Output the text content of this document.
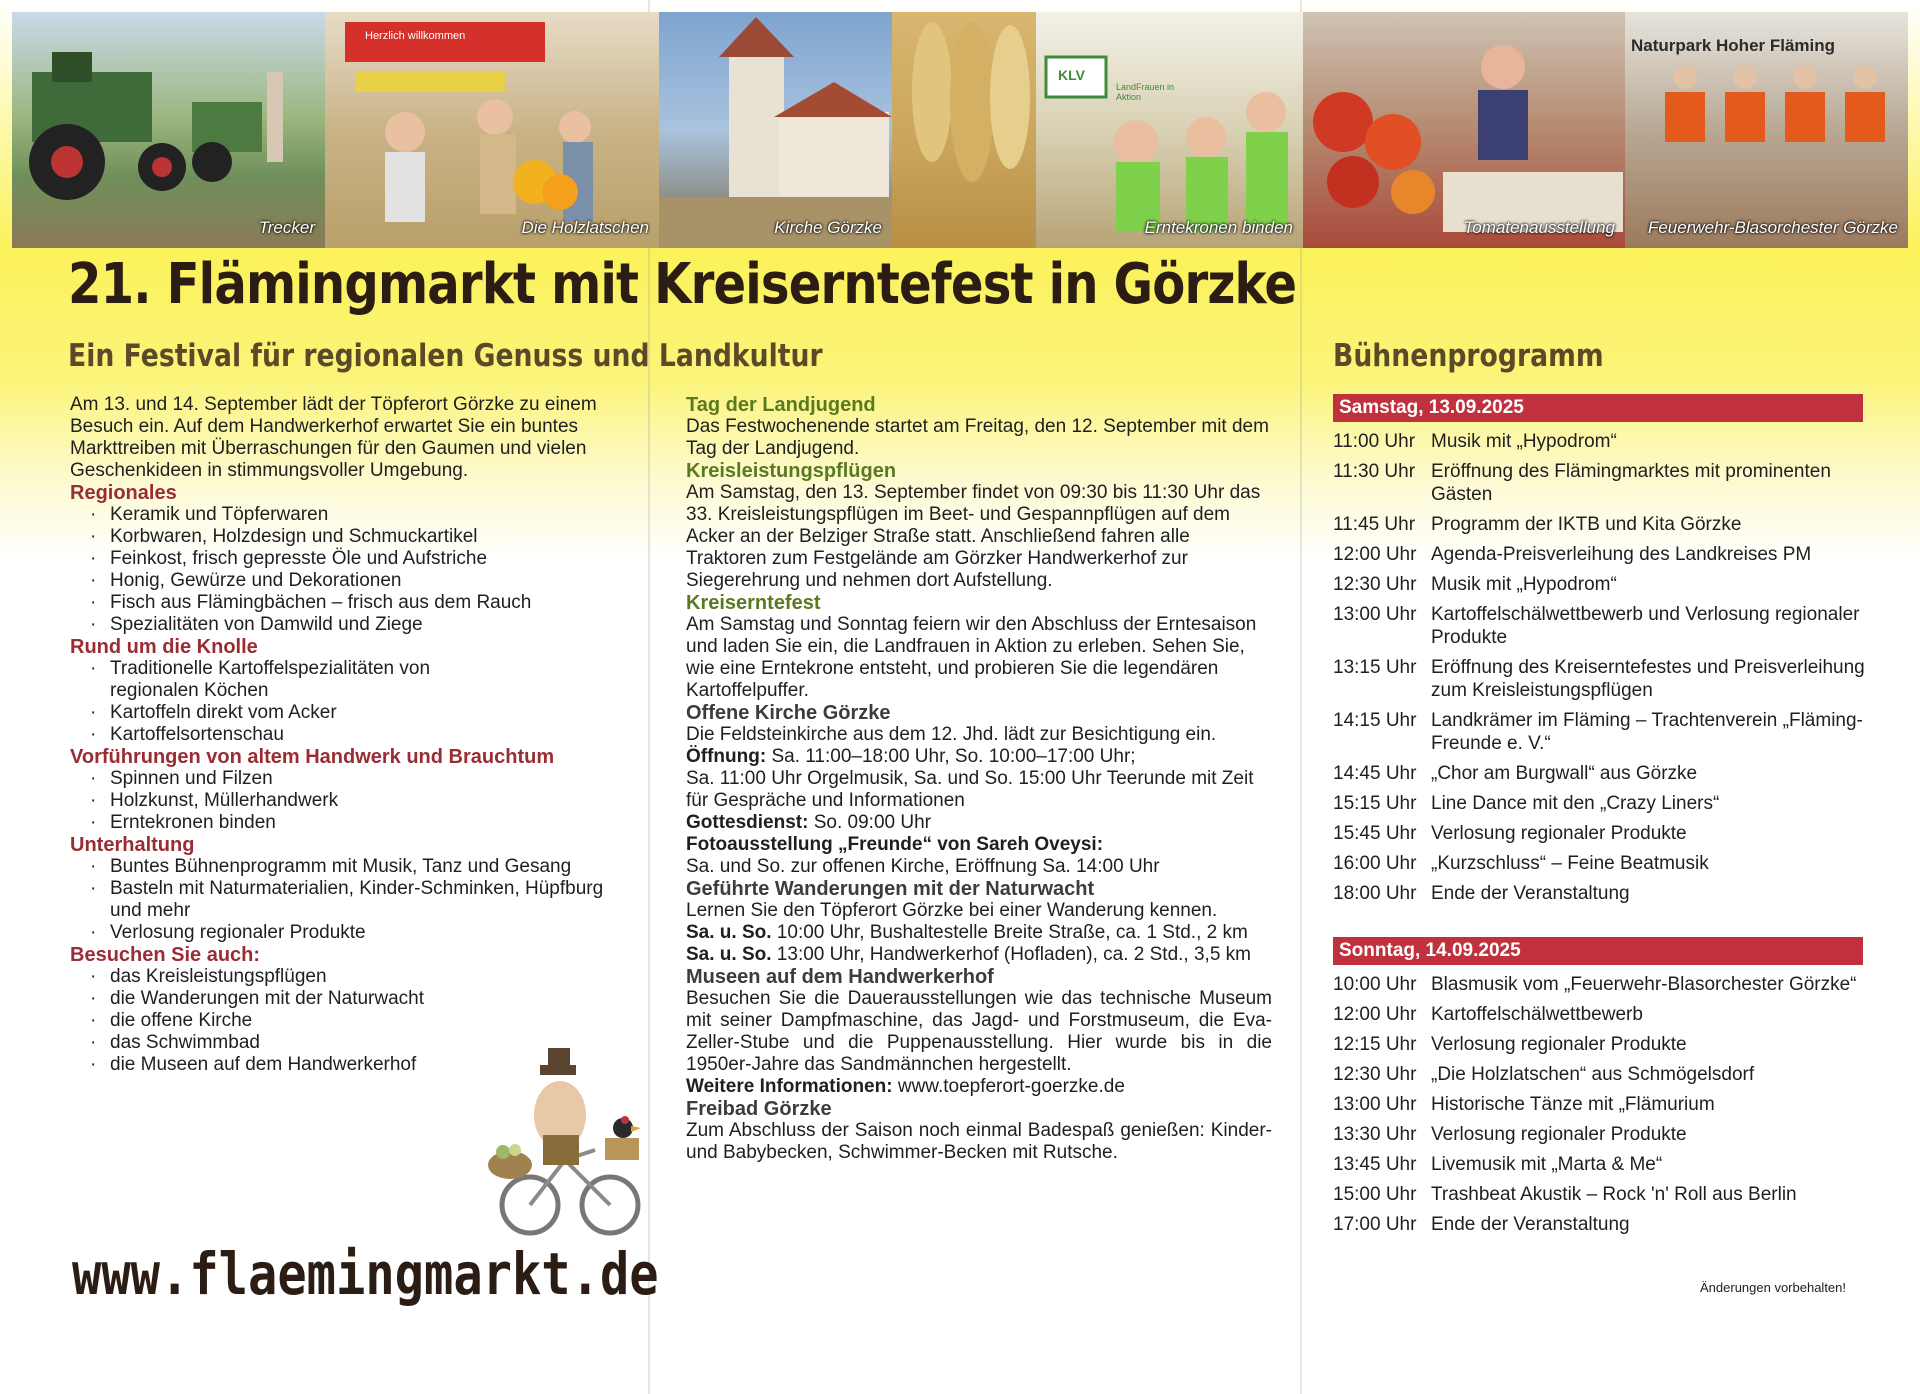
Trecker	Die Holzlatschen
Herzlich willkommen
Kirche Görzke
KLV
LandFrauen in Aktion
Erntekronen binden	Tomatenausstellung
Naturpark Hoher Fläming
Feuerwehr-Blasorchester Görzke
21. Flämingmarkt mit Kreiserntefest in Görzke
Ein Festival für regionalen Genuss und Landkultur

Am 13. und 14. September lädt der Töpferort Görzke zu einem Besuch ein. Auf dem Handwerkerhof erwartet Sie ein buntes Markttreiben mit Überraschungen für den Gaumen und vielen Geschenkideen in stimmungsvoller Umgebung.

Regionales

· Keramik und Töpferwaren
· Korbwaren, Holzdesign und Schmuckartikel
· Feinkost, frisch gepresste Öle und Aufstriche
· Honig, Gewürze und Dekorationen
· Fisch aus Flämingbächen – frisch aus dem Rauch
· Spezialitäten von Damwild und Ziege

Rund um die Knolle

· Traditionelle Kartoffelspezialitäten von regionalen Köchen
· Kartoffeln direkt vom Acker
· Kartoffelsortenschau

Vorführungen von altem Handwerk und Brauchtum

· Spinnen und Filzen
· Holzkunst, Müllerhandwerk
· Erntekronen binden

Unterhaltung

· Buntes Bühnenprogramm mit Musik, Tanz und Gesang
· Basteln mit Naturmaterialien, Kinder-Schminken, Hüpfburg und mehr
· Verlosung regionaler Produkte

Besuchen Sie auch:

· das Kreisleistungspflügen
· die Wanderungen mit der Naturwacht
· die offene Kirche
· das Schwimmbad
· die Museen auf dem Handwerkerhof
www.flaemingmarkt.de

Tag der Landjugend

Das Festwochenende startet am Freitag, den 12. September mit dem Tag der Landjugend.

Kreisleistungspflügen

Am Samstag, den 13. September findet von 09:30 bis 11:30 Uhr das 33. Kreisleistungspflügen im Beet- und Gespannpflügen auf dem Acker an der Belziger Straße statt. Anschließend fahren alle Traktoren zum Festgelände am Görzker Handwerkerhof zur Siegerehrung und nehmen dort Aufstellung.

Kreiserntefest

Am Samstag und Sonntag feiern wir den Abschluss der Erntesaison und laden Sie ein, die Landfrauen in Aktion zu erleben. Sehen Sie, wie eine Erntekrone entsteht, und probieren Sie die legendären Kartoffelpuffer.

Offene Kirche Görzke

Die Feldsteinkirche aus dem 12. Jhd. lädt zur Besichtigung ein.

Öffnung: Sa. 11:00–18:00 Uhr, So. 10:00–17:00 Uhr;

Sa. 11:00 Uhr Orgelmusik, Sa. und So. 15:00 Uhr Teerunde mit Zeit für Gespräche und Informationen

Gottesdienst: So. 09:00 Uhr

Fotoausstellung „Freunde“ von Sareh Oveysi:

Sa. und So. zur offenen Kirche, Eröffnung Sa. 14:00 Uhr

Geführte Wanderungen mit der Naturwacht

Lernen Sie den Töpferort Görzke bei einer Wanderung kennen.

Sa. u. So. 10:00 Uhr, Bushaltestelle Breite Straße, ca. 1 Std., 2 km

Sa. u. So. 13:00 Uhr, Handwerkerhof (Hofladen), ca. 2 Std., 3,5 km

Museen auf dem Handwerkerhof

Besuchen Sie die Dauerausstellungen wie das technische Museum mit seiner Dampfmaschine, das Jagd- und Forstmuseum, die Eva-Zeller-Stube und die Puppenausstellung. Hier wurde bis in die 1950er-Jahre das Sandmännchen hergestellt.

Weitere Informationen: www.toepferort-goerzke.de

Freibad Görzke

Zum Abschluss der Saison noch einmal Badespaß genießen: Kinder- und Babybecken, Schwimmer-Becken mit Rutsche.

Bühnenprogramm
Samstag, 13.09.2025
11:00 Uhr Musik mit „Hypodrom“
11:30 Uhr Eröffnung des Flämingmarktes mit prominenten Gästen
11:45 Uhr Programm der IKTB und Kita Görzke
12:00 Uhr Agenda-Preisverleihung des Landkreises PM
12:30 Uhr Musik mit „Hypodrom“
13:00 Uhr Kartoffelschälwettbewerb und Verlosung regionaler Produkte
13:15 Uhr Eröffnung des Kreiserntefestes und Preisverleihung zum Kreisleistungspflügen
14:15 Uhr Landkrämer im Fläming – Trachtenverein „Fläming-Freunde e. V.“
14:45 Uhr „Chor am Burgwall“ aus Görzke
15:15 Uhr Line Dance mit den „Crazy Liners“
15:45 Uhr Verlosung regionaler Produkte
16:00 Uhr „Kurzschluss“ – Feine Beatmusik
18:00 Uhr Ende der Veranstaltung
Sonntag, 14.09.2025
10:00 Uhr Blasmusik vom „Feuerwehr-Blasorchester Görzke“
12:00 Uhr Kartoffelschälwettbewerb
12:15 Uhr Verlosung regionaler Produkte
12:30 Uhr „Die Holzlatschen“ aus Schmögelsdorf
13:00 Uhr Historische Tänze mit „Flämurium
13:30 Uhr Verlosung regionaler Produkte
13:45 Uhr Livemusik mit „Marta & Me“
15:00 Uhr Trashbeat Akustik – Rock 'n' Roll aus Berlin
17:00 Uhr Ende der Veranstaltung
Änderungen vorbehalten!
